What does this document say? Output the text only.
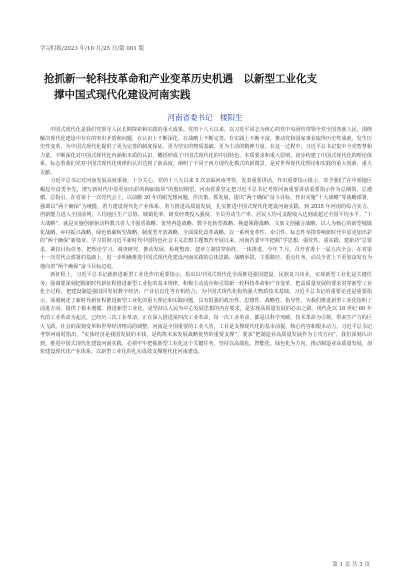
学习时报/2023 年/10 月/25 日/第 001 版
抢抓新一轮科技革命和产业变革历史机遇　以新型工业化支
撑中国式现代化建设河南实践
河南省委书记　楼阳生

中国式现代化是我们党领导人民长期探索和实践的重大成果。党的十八大以来，以习近平同志为核心的党中央团结带领全党全国各族人民，围绕解决现代化建设中存在的突出矛盾和问题，在认识上不断深化、在战略上不断完善、在实践上不断丰富，推动党和国家事业取得历史性成就、发生历史性变革，为中国式现代化提供了更为完善的制度保证、更为坚实的物质基础、更为主动的精神力量。在这一过程中，习近平总书记集中全党智慧和力量，不断深化对中国式现代化内涵和本质的认识，概括形成了中国式现代化的中国特色、本质要求和重大原则，初步构建了中国式现代化的理论体系，标志着我们党对中国式现代化规律的认识达到了新高度，阐明了不同于西方现代化模式的新图景，是对世界现代化理论和实践的重大创新、重大贡献。

习近平总书记对河南发展高度重视。十分关心。党的十八大以来 5 次亲临河南考察，发表重要讲话，作出重要指示批示，寄予我们“在中部地区崛起中奋勇争先，谱写新时代中原更加出彩的绚丽篇章”的殷切期望。河南省委坚定把习近平总书记考察河南重要讲话重要指示作为总纲领、总遵循、总指引，在省第十一次党代会上，以前瞻 30 年的眼光想问题、作决策、抓发展，提出“两个确保”奋斗目标，作出实施“十大战略”等战略部署，强调以“两个确保”为统揽，着力建设现代化产业体系、着力推进高质量发展，扎实推进中国式现代化建设河南实践。到 2035 年河南的综合实力、创新能力进入全国前列，人均地区生产总值、城镇化率、研发经费投入强度、全员劳动生产率、居民人均可支配收入达到或超过全国平均水平。“十大战略”，就是实施创新驱动科教兴省人才强省战略、优势再造战略、数字化转型战略、换道领跑战略、文旅文创融合战略、以人为核心的新型城镇化战略、乡村振兴战略、绿色低碳转型战略、制度型开放战略、全面深化改革战略。以一系列变革性、牵引性、标志性举措奏响新时代中原更加出彩的“两个确保”新篇章。学习贯彻习近平新时代中国特色社会主义思想主题教育开展以来，河南省委牢牢把握“学思想、强党性、重实践、建新功”总要求，紧扣目标任务，把理论学习、调查研究、推动发展、检视整改、建章立制贯穿始终，一体推进。今年 7 月，召开省委十一届五次全会，在省第十一次党代会部署的基础上，进一步明确推进中国式现代化建设河南实践的总体思路、战略举措、主要路径、重点任务，动员全省上下更加奋发有为地向着“两个确保”奋斗目标迈进。

新征程上，习近平总书记就推进新型工业化作出重要指示，指出以中国式现代化全面推进强国建设、民族复兴伟业，实现新型工业化是关键任务；强调要深刻把握新时代新征程推进新型工业化的基本规律，积极主动适应和引领新一轮科技革命和产业变革，把高质量发展的要求贯穿新型工业化全过程，把建设制造强国同发展数字经济、产业信息化等有机结合，为中国式现代化构筑强大物质技术基础。习近平总书记的重要论述是重要指示，深刻阐述了新时代新征程推进新型工业化的重大理论和实践问题，具有很强的政治性、思想性、战略性、指导性，为我们推进新型工业化指明了前进方向、提供了根本遵循。推进新型工业化，是坚持以人民为中心发展思想的内在要求，是实现高质量发展的必由之路。现代化以 18 世纪 60 年代的工业革命为起点，已经历三次工业革命。正在深入推进第四次工业革命，每一次工业革命，都是以科学突破、技术革命为引领，带来生产力的巨大飞跃。社会的深刻变革和世界经济格局的调整。河南是全国重要的工业大省，工业是支撑现代化的基本前提、核心内容和根本动力。习近平总书记考察河南时指出，“实体经济是我国发展的本钱，是构筑未来发展战略优势的重要支撑”，要求“把制造业高质量发展作为主攻方向”。我们深刻认识到，推进中国式现代化建设河南实践，必须牢牢把握新型工业化这个关键任务，坚持以高端化、智能化、绿色化为方向，推动制造业高质量发展，加快建设现代化产业体系，以新型工业化的扎实成效支撑现代化河南建设。

第 1 页 共 3 页
